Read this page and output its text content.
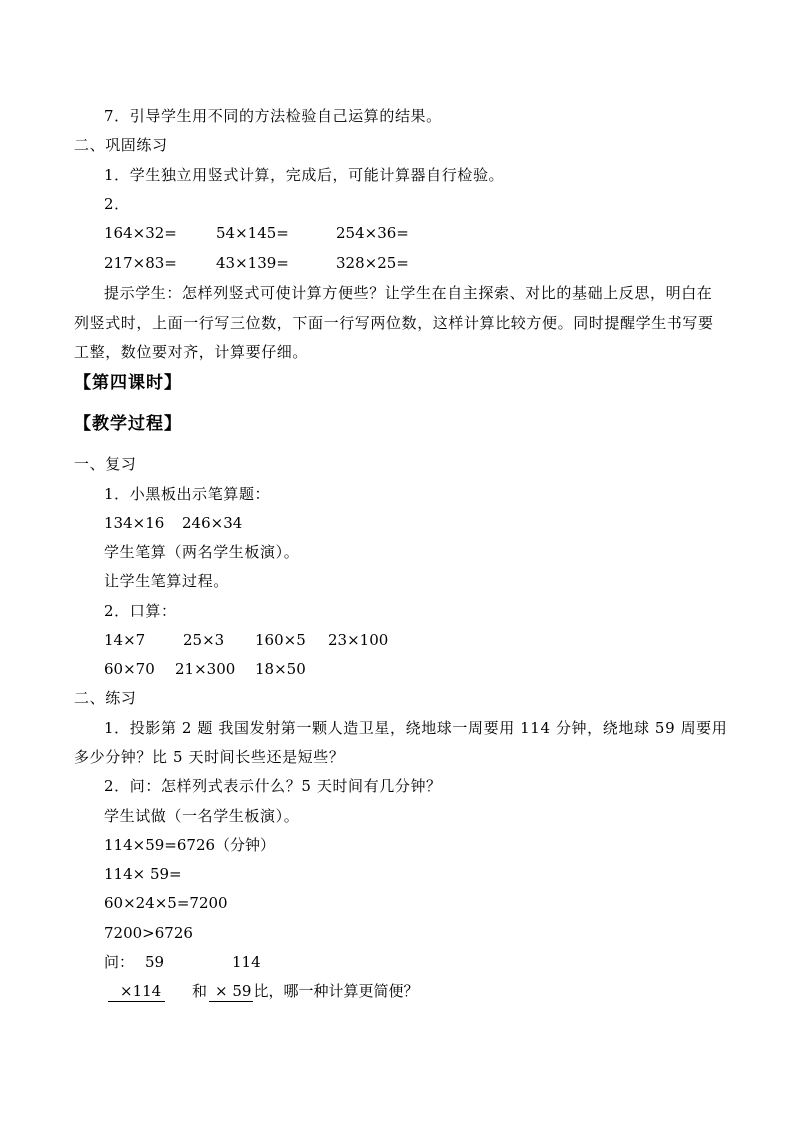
7．引导学生用不同的方法检验自己运算的结果。
二、巩固练习
1．学生独立用竖式计算，完成后，可能计算器自行检验。
2．
164×32=	54×145=	254×36=
217×83=	43×139=	328×25=
提示学生：怎样列竖式可使计算方便些？让学生在自主探索、对比的基础上反思，明白在
列竖式时，上面一行写三位数，下面一行写两位数，这样计算比较方便。同时提醒学生书写要
工整，数位要对齐，计算要仔细。
【第四课时】
【教学过程】
一、复习
1．小黑板出示笔算题：
134×16 246×34
学生笔算（两名学生板演）。
让学生笔算过程。
2．口算：
14×7	25×3 160×5 23×100
60×70 21×300 18×50
二、练习
1．投影第 2 题 我国发射第一颗人造卫星，绕地球一周要用 114 分钟，绕地球 59 周要用
多少分钟？比 5 天时间长些还是短些？
2．问：怎样列式表示什么？5 天时间有几分钟？
学生试做（一名学生板演）。
114×59=6726（分钟）
114× 59=
60×24×5=7200
7200>6726
问： 59	114
×114 和 × 59 比，哪一种计算更简便？
